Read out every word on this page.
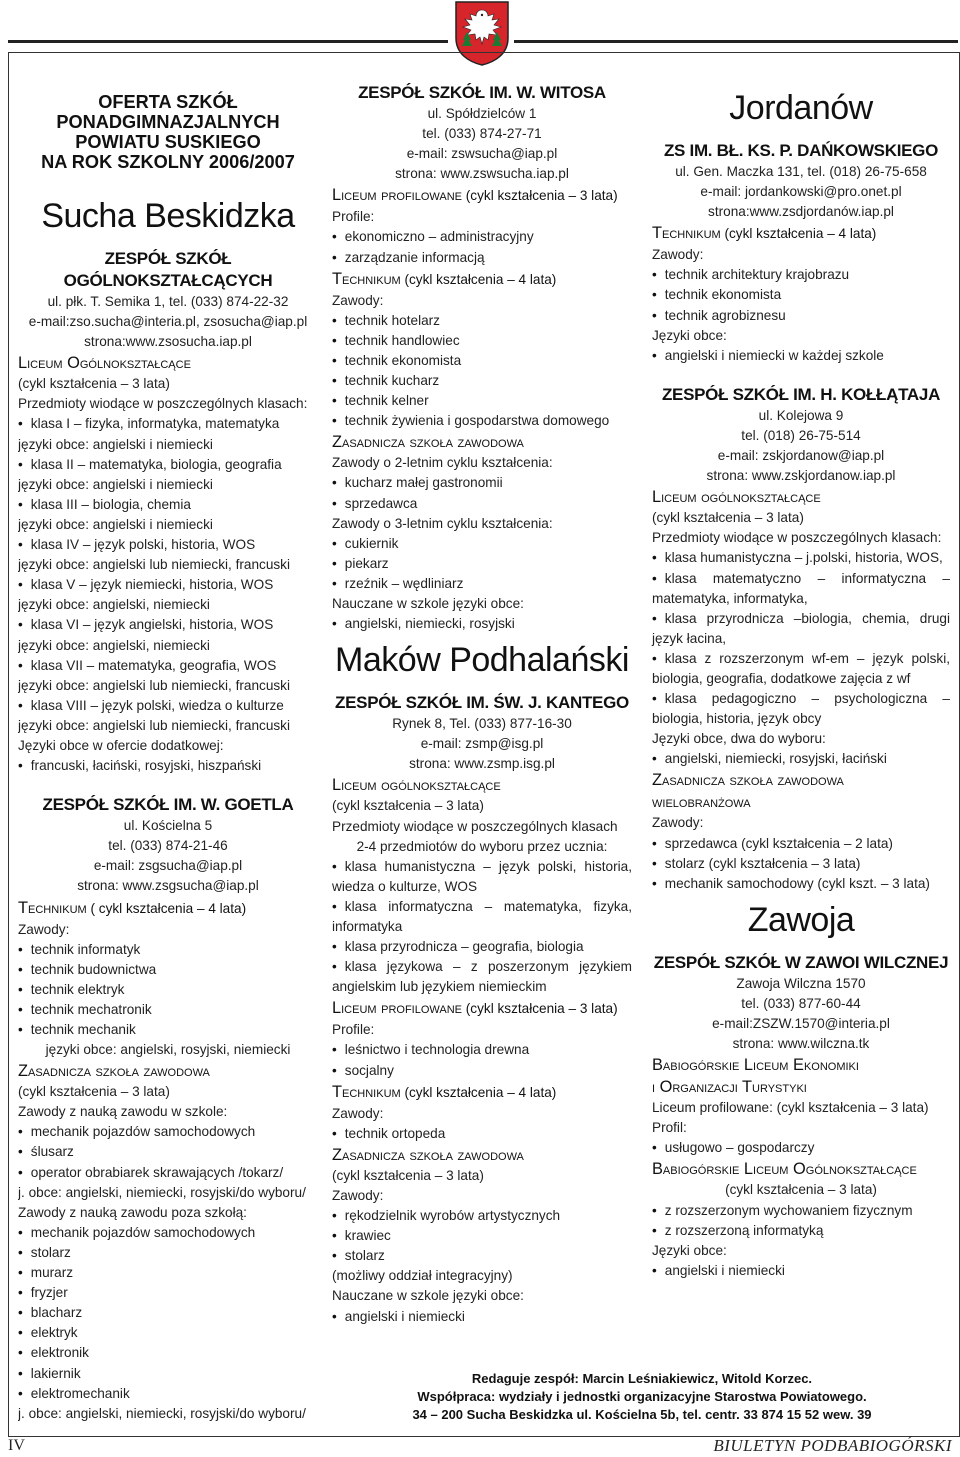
OFERTA SZKÓŁ
PONADGIMNAZJALNYCH
POWIATU SUSKIEGO
NA ROK SZKOLNY 2006/2007
Sucha Beskidzka
ZESPÓŁ SZKÓŁ OGÓLNOKSZTAŁCĄCYCH
ul. płk. T. Semika 1, tel. (033) 874-22-32
e-mail:zso.sucha@interia.pl, zsosucha@iap.pl
strona:www.zsosucha.iap.pl
Liceum Ogólnokształcące
(cykl kształcenia – 3 lata)
Przedmioty wiodące w poszczególnych klasach:
• klasa I – fizyka, informatyka, matematyka
języki obce: angielski i niemiecki
• klasa II – matematyka, biologia, geografia
języki obce: angielski i niemiecki
• klasa III – biologia, chemia
języki obce: angielski i niemiecki
• klasa IV – język polski, historia, WOS
języki obce: angielski lub niemiecki, francuski
• klasa V – język niemiecki, historia, WOS
języki obce: angielski, niemiecki
• klasa VI – język angielski, historia, WOS
języki obce: angielski, niemiecki
• klasa VII – matematyka, geografia, WOS
języki obce: angielski lub niemiecki, francuski
• klasa VIII – język polski, wiedza o kulturze
języki obce: angielski lub niemiecki, francuski
Języki obce w ofercie dodatkowej:
• francuski, łaciński, rosyjski, hiszpański
ZESPÓŁ SZKÓŁ IM. W. GOETLA
ul. Kościelna 5
tel. (033) 874-21-46
e-mail: zsgsucha@iap.pl
strona: www.zsgsucha@iap.pl
Technikum ( cykl kształcenia – 4 lata)
Zawody:
• technik informatyk
• technik budownictwa
• technik elektryk
• technik mechatronik
• technik mechanik
języki obce: angielski, rosyjski, niemiecki
Zasadnicza szkoła zawodowa
(cykl kształcenia – 3 lata)
Zawody z nauką zawodu w szkole:
• mechanik pojazdów samochodowych
• ślusarz
• operator obrabiarek skrawających /tokarz/
j. obce: angielski, niemiecki, rosyjski/do wyboru/
Zawody z nauką zawodu poza szkołą:
• mechanik pojazdów samochodowych
• stolarz
• murarz
• fryzjer
• blacharz
• elektryk
• elektronik
• lakiernik
• elektromechanik
j. obce: angielski, niemiecki, rosyjski/do wyboru/
ZESPÓŁ SZKÓŁ IM. W. WITOSA
ul. Spółdzielców 1
tel. (033) 874-27-71
e-mail: zswsucha@iap.pl
strona: www.zswsucha.iap.pl
Liceum profilowane (cykl kształcenia – 3 lata)
Profile:
• ekonomiczno – administracyjny
• zarządzanie informacją
Technikum (cykl kształcenia – 4 lata)
Zawody:
• technik hotelarz
• technik handlowiec
• technik ekonomista
• technik kucharz
• technik kelner
• technik żywienia i gospodarstwa domowego
Zasadnicza szkoła zawodowa
Zawody o 2-letnim cyklu kształcenia:
• kucharz małej gastronomii
• sprzedawca
Zawody o 3-letnim cyklu kształcenia:
• cukiernik
• piekarz
• rzeźnik – wędliniarz
Nauczane w szkole języki obce:
• angielski, niemiecki, rosyjski
Maków Podhalański
ZESPÓŁ SZKÓŁ IM. ŚW. J. KANTEGO
Rynek 8, Tel. (033) 877-16-30
e-mail: zsmp@isg.pl
strona: www.zsmp.isg.pl
Liceum ogólnokształcące
(cykl kształcenia – 3 lata)
Przedmioty wiodące w poszczególnych klasach
2-4 przedmiotów do wyboru przez ucznia:
• klasa humanistyczna – język polski, historia, wiedza o kulturze, WOS
• klasa informatyczna – matematyka, fizyka, informatyka
• klasa przyrodnicza – geografia, biologia
• klasa językowa – z poszerzonym językiem angielskim lub językiem niemieckim
Liceum profilowane (cykl kształcenia – 3 lata)
Profile:
• leśnictwo i technologia drewna
• socjalny
Technikum (cykl kształcenia – 4 lata)
Zawody:
• technik ortopeda
Zasadnicza szkoła zawodowa
(cykl kształcenia – 3 lata)
Zawody:
• rękodzielnik wyrobów artystycznych
• krawiec
• stolarz
(możliwy oddział integracyjny)
Nauczane w szkole języki obce:
• angielski i niemiecki
Jordanów
ZS IM. BŁ. KS. P. DAŃKOWSKIEGO
ul. Gen. Maczka 131, tel. (018) 26-75-658
e-mail: jordankowski@pro.onet.pl
strona:www.zsdjordanów.iap.pl
Technikum (cykl kształcenia – 4 lata)
Zawody:
• technik architektury krajobrazu
• technik ekonomista
• technik agrobiznesu
Języki obce:
• angielski i niemiecki w każdej szkole
ZESPÓŁ SZKÓŁ IM. H. KOŁŁĄTAJA
ul. Kolejowa 9
tel. (018) 26-75-514
e-mail: zskjordanow@iap.pl
strona: www.zskjordanow.iap.pl
Liceum ogólnokształcące
(cykl kształcenia – 3 lata)
Przedmioty wiodące w poszczególnych klasach:
• klasa humanistyczna – j.polski, historia, WOS,
• klasa matematyczno – informatyczna – matematyka, informatyka,
• klasa przyrodnicza –biologia, chemia, drugi język łacina,
• klasa z rozszerzonym wf-em – język polski, biologia, geografia, dodatkowe zajęcia z wf
• klasa pedagogiczno – psychologiczna – biologia, historia, język obcy
Języki obce, dwa do wyboru:
• angielski, niemiecki, rosyjski, łaciński
Zasadnicza szkoła zawodowa
wielobranżowa
Zawody:
• sprzedawca (cykl kształcenia – 2 lata)
• stolarz (cykl kształcenia – 3 lata)
• mechanik samochodowy (cykl kszt. – 3 lata)
Zawoja
ZESPÓŁ SZKÓŁ W ZAWOI WILCZNEJ
Zawoja Wilczna 1570
tel. (033) 877-60-44
e-mail:ZSZW.1570@interia.pl
strona: www.wilczna.tk
Babiogórskie Liceum Ekonomiki
i Organizacji Turystyki
Liceum profilowane: (cykl kształcenia – 3 lata)
Profil:
• usługowo – gospodarczy
Babiogórskie Liceum Ogólnokształcące
(cykl kształcenia – 3 lata)
• z rozszerzonym wychowaniem fizycznym
• z rozszerzoną informatyką
Języki obce:
• angielski i niemiecki
Redaguje zespół: Marcin Leśniakiewicz, Witold Korzec.
Współpraca: wydziały i jednostki organizacyjne Starostwa Powiatowego.
34 – 200 Sucha Beskidzka ul. Kościelna 5b, tel. centr. 33 874 15 52 wew. 39
IV	BIULETYN PODBABIOGÓRSKI
